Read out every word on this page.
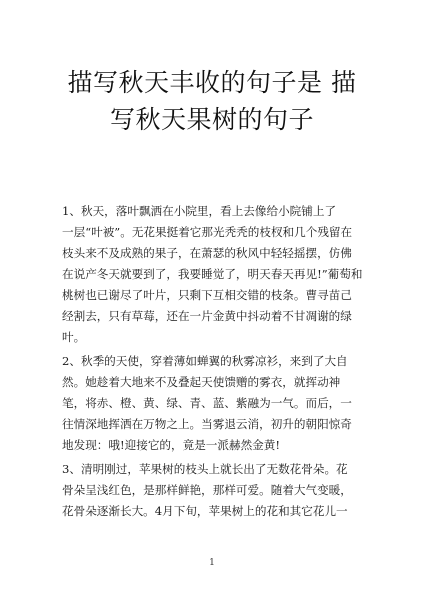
描写秋天丰收的句子是 描
写秋天果树的句子
1、秋天，落叶飘洒在小院里，看上去像给小院铺上了
一层“叶被”。无花果挺着它那光秃秃的枝杈和几个残留在
枝头来不及成熟的果子，在萧瑟的秋风中轻轻摇摆，仿佛
在说产冬天就要到了，我要睡觉了，明天春天再见!”葡萄和
桃树也已谢尽了叶片，只剩下互相交错的枝条。曹寻苗己
经割去，只有草莓，还在一片金黄中抖动着不甘凋谢的绿
叶。
2、秋季的天使，穿着薄如蝉翼的秋雾凉衫，来到了大自
然。她趁着大地来不及叠起天使馈赠的雾衣，就挥动神
笔，将赤、橙、黄、绿、青、蓝、紫融为一气。而后，一
往情深地挥洒在万物之上。当雾退云消，初升的朝阳惊奇
地发现：哦!迎接它的，竟是一派赫然金黄!
3、清明刚过，苹果树的枝头上就长出了无数花骨朵。花
骨朵呈浅红色，是那样鲜艳，那样可爱。随着大气变暖，
花骨朵逐渐长大。4月下旬，苹果树上的花和其它花儿一
1
